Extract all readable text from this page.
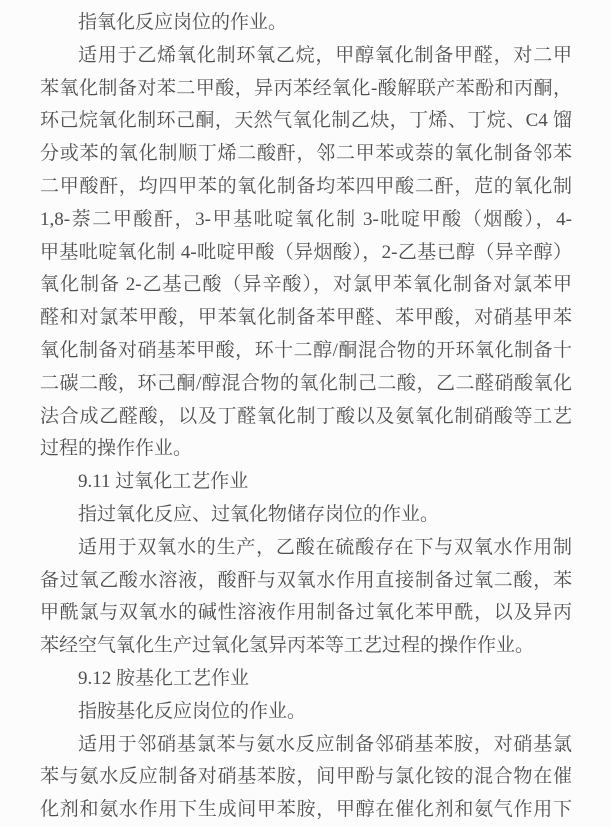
指氧化反应岗位的作业。
适用于乙烯氧化制环氧乙烷，甲醇氧化制备甲醛，对二甲
苯氧化制备对苯二甲酸，异丙苯经氧化-酸解联产苯酚和丙酮，
环己烷氧化制环己酮，天然气氧化制乙炔，丁烯、丁烷、C4 馏
分或苯的氧化制顺丁烯二酸酐，邻二甲苯或萘的氧化制备邻苯
二甲酸酐，均四甲苯的氧化制备均苯四甲酸二酐，苊的氧化制
1,8-萘二甲酸酐，3-甲基吡啶氧化制 3-吡啶甲酸（烟酸），4-
甲基吡啶氧化制 4-吡啶甲酸（异烟酸），2-乙基已醇（异辛醇）
氧化制备 2-乙基己酸（异辛酸），对氯甲苯氧化制备对氯苯甲
醛和对氯苯甲酸，甲苯氧化制备苯甲醛、苯甲酸，对硝基甲苯
氧化制备对硝基苯甲酸，环十二醇/酮混合物的开环氧化制备十
二碳二酸，环己酮/醇混合物的氧化制己二酸，乙二醛硝酸氧化
法合成乙醛酸，以及丁醛氧化制丁酸以及氨氧化制硝酸等工艺
过程的操作作业。
9.11 过氧化工艺作业
指过氧化反应、过氧化物储存岗位的作业。
适用于双氧水的生产，乙酸在硫酸存在下与双氧水作用制
备过氧乙酸水溶液，酸酐与双氧水作用直接制备过氧二酸，苯
甲酰氯与双氧水的碱性溶液作用制备过氧化苯甲酰，以及异丙
苯经空气氧化生产过氧化氢异丙苯等工艺过程的操作作业。
9.12 胺基化工艺作业
指胺基化反应岗位的作业。
适用于邻硝基氯苯与氨水反应制备邻硝基苯胺，对硝基氯
苯与氨水反应制备对硝基苯胺，间甲酚与氯化铵的混合物在催
化剂和氨水作用下生成间甲苯胺，甲醇在催化剂和氨气作用下
